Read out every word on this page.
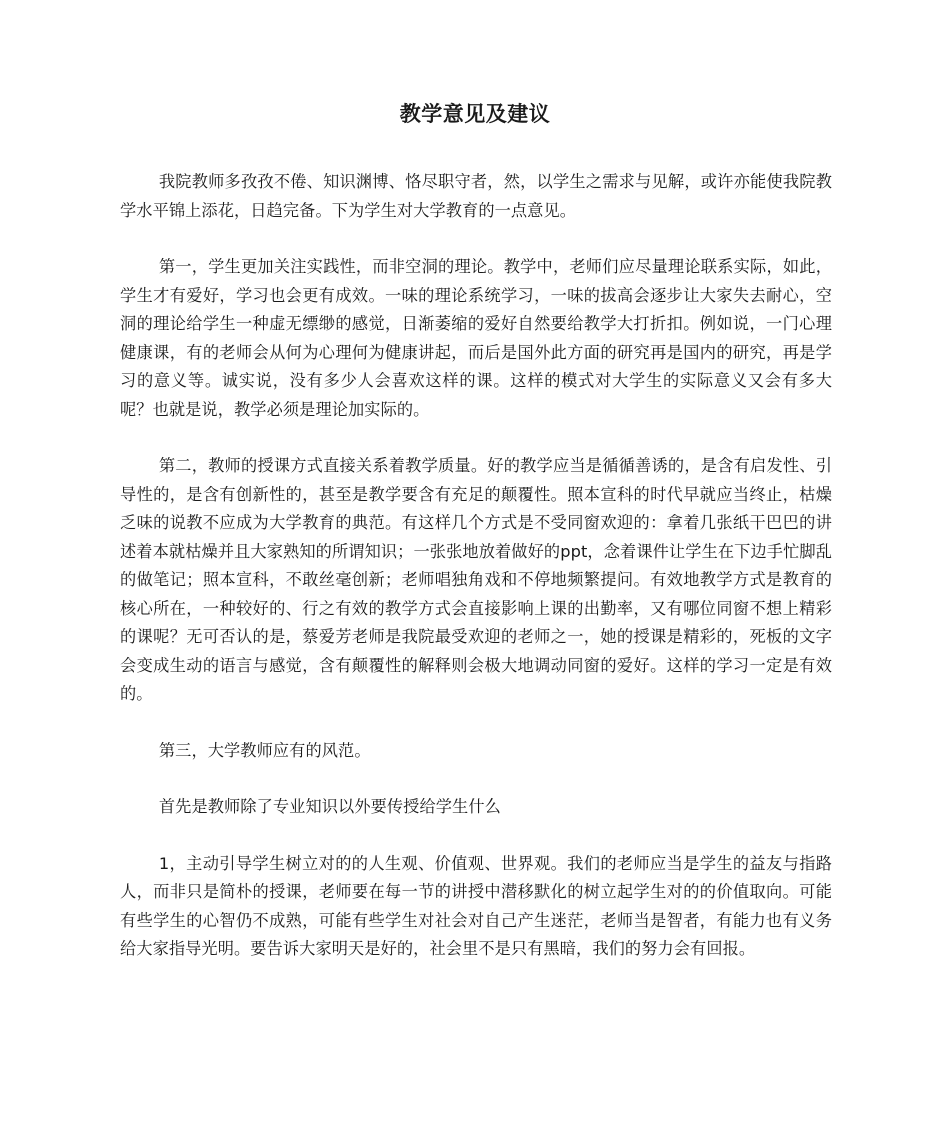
教学意见及建议

我院教师多孜孜不倦、知识渊博、恪尽职守者，然，以学生之需求与见解，或许亦能使我院教学水平锦上添花，日趋完备。下为学生对大学教育的一点意见。

第一，学生更加关注实践性，而非空洞的理论。教学中，老师们应尽量理论联系实际，如此，学生才有爱好，学习也会更有成效。一味的理论系统学习，一味的拔高会逐步让大家失去耐心，空洞的理论给学生一种虚无缥缈的感觉，日渐萎缩的爱好自然要给教学大打折扣。例如说，一门心理健康课，有的老师会从何为心理何为健康讲起，而后是国外此方面的研究再是国内的研究，再是学习的意义等。诚实说，没有多少人会喜欢这样的课。这样的模式对大学生的实际意义又会有多大呢？也就是说，教学必须是理论加实际的。

第二，教师的授课方式直接关系着教学质量。好的教学应当是循循善诱的，是含有启发性、引导性的，是含有创新性的，甚至是教学要含有充足的颠覆性。照本宣科的时代早就应当终止，枯燥乏味的说教不应成为大学教育的典范。有这样几个方式是不受同窗欢迎的：拿着几张纸干巴巴的讲述着本就枯燥并且大家熟知的所谓知识；一张张地放着做好的ppt，念着课件让学生在下边手忙脚乱的做笔记；照本宣科，不敢丝毫创新；老师唱独角戏和不停地频繁提问。有效地教学方式是教育的核心所在，一种较好的、行之有效的教学方式会直接影响上课的出勤率，又有哪位同窗不想上精彩的课呢？无可否认的是，蔡爱芳老师是我院最受欢迎的老师之一，她的授课是精彩的，死板的文字会变成生动的语言与感觉，含有颠覆性的解释则会极大地调动同窗的爱好。这样的学习一定是有效的。

第三，大学教师应有的风范。

首先是教师除了专业知识以外要传授给学生什么

1，主动引导学生树立对的的人生观、价值观、世界观。我们的老师应当是学生的益友与指路人，而非只是简朴的授课，老师要在每一节的讲授中潜移默化的树立起学生对的的价值取向。可能有些学生的心智仍不成熟，可能有些学生对社会对自己产生迷茫，老师当是智者，有能力也有义务给大家指导光明。要告诉大家明天是好的，社会里不是只有黑暗，我们的努力会有回报。
